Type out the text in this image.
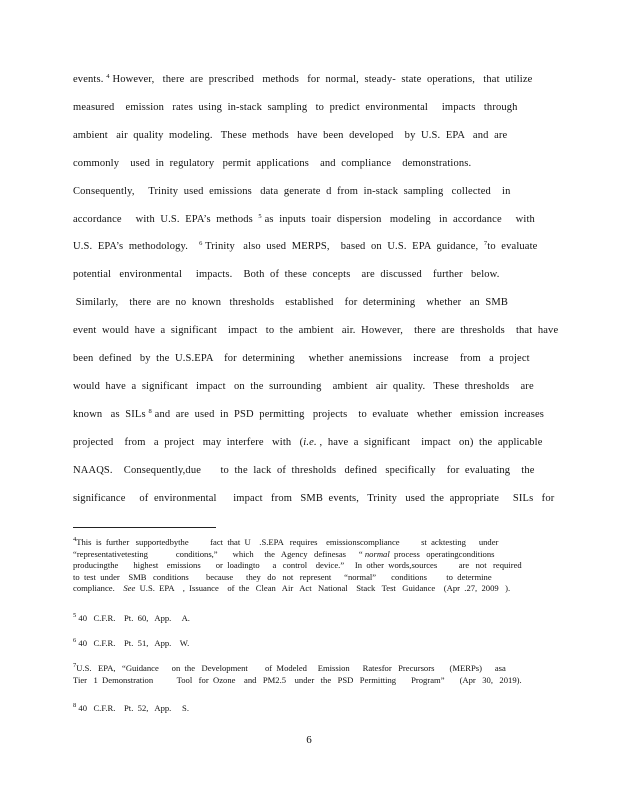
events. $^4$ However,   there  are  prescribed   methods   for  normal,  steady-  state  operations,   that  utilize
measured    emission   rates  using  in-stack  sampling   to  predict  environmental     impacts   through
ambient   air  quality  modeling.   These  methods   have  been  developed    by  U.S.  EPA   and  are
commonly    used  in  regulatory   permit  applications    and  compliance    demonstrations.
Consequently,     Trinity  used  emissions   data  generate  d  from  in-stack  sampling   collected    in
accordance     with  U.S.  EPA’s  methods  $^5$ as  inputs  toair  dispersion   modeling   in  accordance     with
U.S.  EPA’s  methodology.    $^6$ Trinity   also  used  MERPS,    based  on  U.S.  EPA  guidance,  $^7$to  evaluate
potential   environmental     impacts.    Both  of  these  concepts    are  discussed    further   below.
Similarly,    there  are  no  known   thresholds    established    for  determining    whether   an  SMB
event  would  have  a  significant    impact   to  the  ambient   air.  However,    there  are  thresholds    that  have
been  defined   by  the  U.S.EPA    for  determining     whether  anemissions    increase    from   a  project
would  have  a  significant   impact   on  the  surrounding    ambient   air  quality.   These  thresholds    are
known   as  SILs $^8$ and  are  used  in  PSD  permitting   projects    to  evaluate   whether   emission  increases
projected    from   a  project   may  interfere   with   (i.e. ,  have  a  significant    impact   on)  the  applicable
NAAQS.    Consequently,due       to  the  lack  of  thresholds   defined   specifically    for  evaluating    the
significance     of  environmental      impact   from   SMB  events,   Trinity   used  the  appropriate     SILs   for
$^4$This  is  further   supportedbythe          fact  that  U    .S.EPA   requires    emissionscompliance          st  acktesting      under
“representativetesting             conditions,”       which     the   Agency   definesas      “ normal  process   operatingconditions
producingthe       highest    emissions       or  loadingto      a   control    device.”     In  other  words,sources          are   not   required
to  test  under    SMB   conditions        because      they   do   not   represent      “normal”       conditions         to  determine
compliance.    See  U.S.  EPA    ,  Issuance    of  the   Clean   Air   Act   National    Stack   Test   Guidance    (Apr  .27,  2009   ).
$^5$ 40   C.F.R.    Pt.  60,   App.     A.
$^6$ 40   C.F.R.    Pt.  51,   App.    W.
$^7$U.S.   EPA,   “Guidance      on  the   Development        of  Modeled     Emission      Ratesfor   Precursors       (MERPs)      asa
Tier   1  Demonstration           Tool   for  Ozone    and   PM2.5    under   the   PSD   Permitting       Program”       (Apr   30,   2019).
$^8$ 40   C.F.R.    Pt.  52,   App.     S.
6
